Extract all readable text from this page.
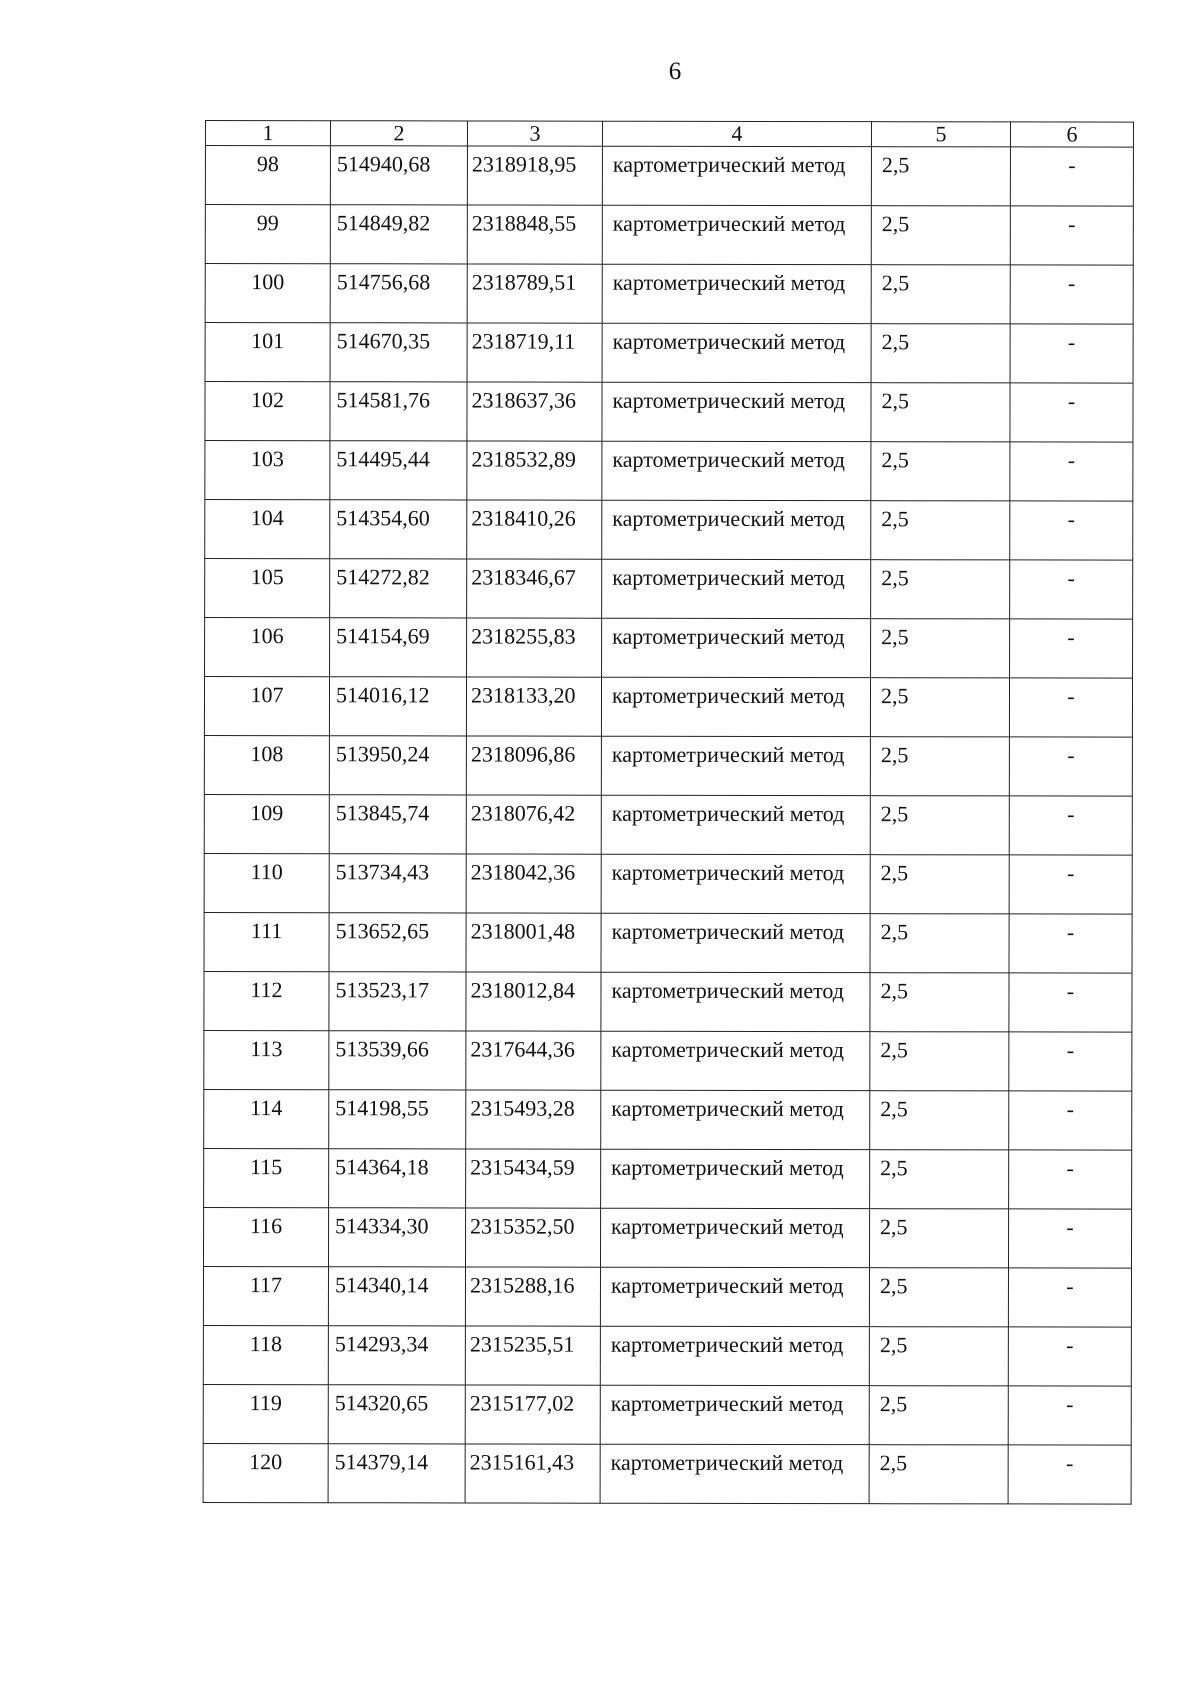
6
1	2	3	4	5	6
98	514940,68	2318918,95	картометрический метод	2,5	-
99	514849,82	2318848,55	картометрический метод	2,5	-
100	514756,68	2318789,51	картометрический метод	2,5	-
101	514670,35	2318719,11	картометрический метод	2,5	-
102	514581,76	2318637,36	картометрический метод	2,5	-
103	514495,44	2318532,89	картометрический метод	2,5	-
104	514354,60	2318410,26	картометрический метод	2,5	-
105	514272,82	2318346,67	картометрический метод	2,5	-
106	514154,69	2318255,83	картометрический метод	2,5	-
107	514016,12	2318133,20	картометрический метод	2,5	-
108	513950,24	2318096,86	картометрический метод	2,5	-
109	513845,74	2318076,42	картометрический метод	2,5	-
110	513734,43	2318042,36	картометрический метод	2,5	-
111	513652,65	2318001,48	картометрический метод	2,5	-
112	513523,17	2318012,84	картометрический метод	2,5	-
113	513539,66	2317644,36	картометрический метод	2,5	-
114	514198,55	2315493,28	картометрический метод	2,5	-
115	514364,18	2315434,59	картометрический метод	2,5	-
116	514334,30	2315352,50	картометрический метод	2,5	-
117	514340,14	2315288,16	картометрический метод	2,5	-
118	514293,34	2315235,51	картометрический метод	2,5	-
119	514320,65	2315177,02	картометрический метод	2,5	-
120	514379,14	2315161,43	картометрический метод	2,5	-
